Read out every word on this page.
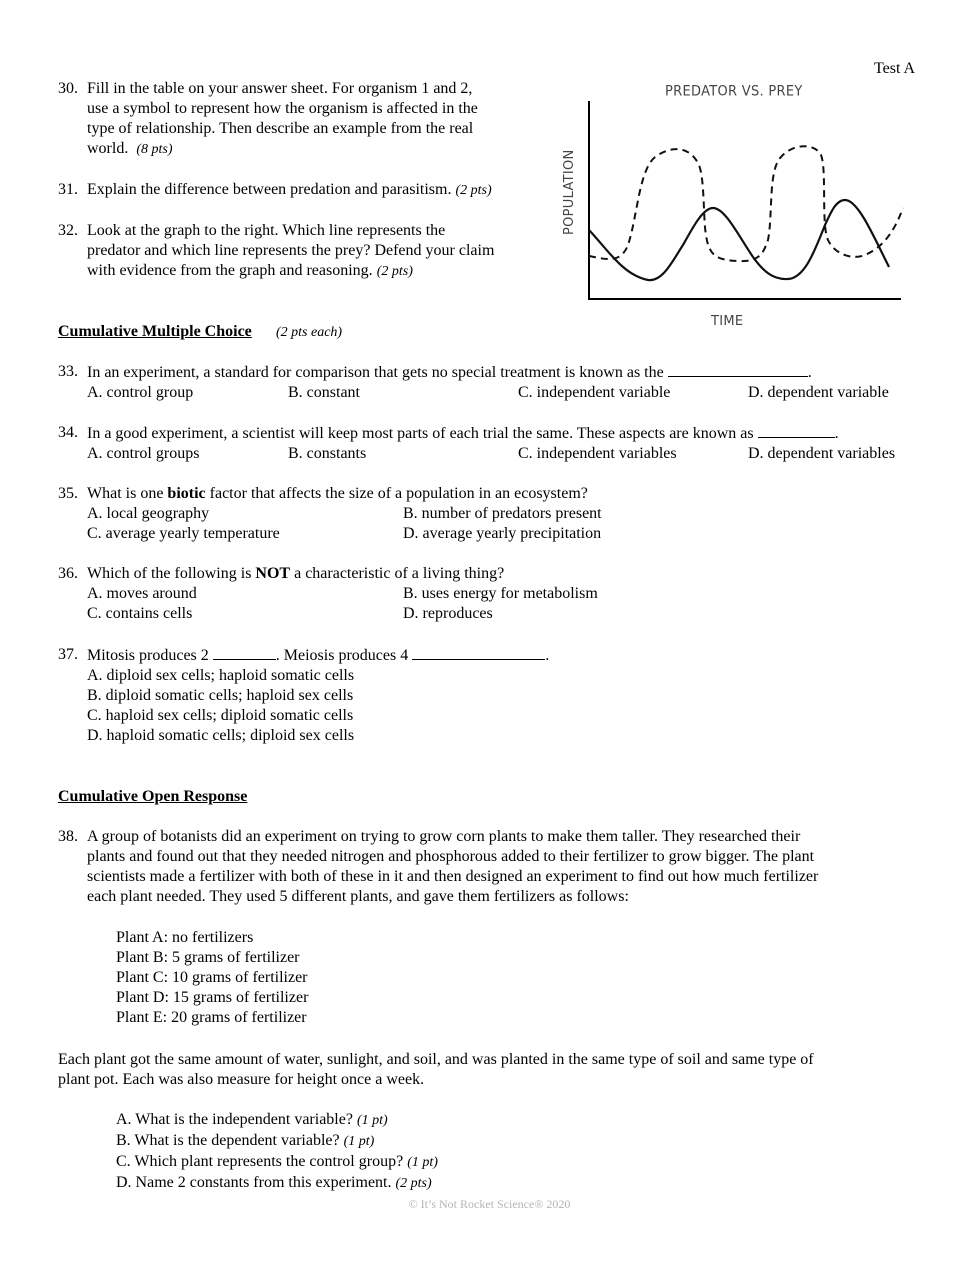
Test A
30. Fill in the table on your answer sheet. For organism 1 and 2,
use a symbol to represent how the organism is affected in the
type of relationship. Then describe an example from the real
world. (8 pts)
31. Explain the difference between predation and parasitism. (2 pts)
32. Look at the graph to the right. Which line represents the
predator and which line represents the prey? Defend your claim
with evidence from the graph and reasoning. (2 pts)
PREDATOR VS. PREY
POPULATION
TIME
Cumulative Multiple Choice (2 pts each)
33. In an experiment, a standard for comparison that gets no special treatment is known as the	.
A. control group	B. constant	C. independent variable	D. dependent variable
34. In a good experiment, a scientist will keep most parts of each trial the same. These aspects are known as	.
A. control groups	B. constants	C. independent variables	D. dependent variables
35. What is one biotic factor that affects the size of a population in an ecosystem?
A. local geography	B. number of predators present
C. average yearly temperature	D. average yearly precipitation
36. Which of the following is NOT a characteristic of a living thing?
A. moves around	B. uses energy for metabolism
C. contains cells	D. reproduces
37. Mitosis produces 2	. Meiosis produces 4	.
A. diploid sex cells; haploid somatic cells
B. diploid somatic cells; haploid sex cells
C. haploid sex cells; diploid somatic cells
D. haploid somatic cells; diploid sex cells
Cumulative Open Response
38. A group of botanists did an experiment on trying to grow corn plants to make them taller. They researched their
plants and found out that they needed nitrogen and phosphorous added to their fertilizer to grow bigger. The plant
scientists made a fertilizer with both of these in it and then designed an experiment to find out how much fertilizer
each plant needed. They used 5 different plants, and gave them fertilizers as follows:
Plant A: no fertilizers
Plant B: 5 grams of fertilizer
Plant C: 10 grams of fertilizer
Plant D: 15 grams of fertilizer
Plant E: 20 grams of fertilizer
Each plant got the same amount of water, sunlight, and soil, and was planted in the same type of soil and same type of
plant pot. Each was also measure for height once a week.
A. What is the independent variable? (1 pt)
B. What is the dependent variable? (1 pt)
C. Which plant represents the control group? (1 pt)
D. Name 2 constants from this experiment. (2 pts)
© It’s Not Rocket Science® 2020
